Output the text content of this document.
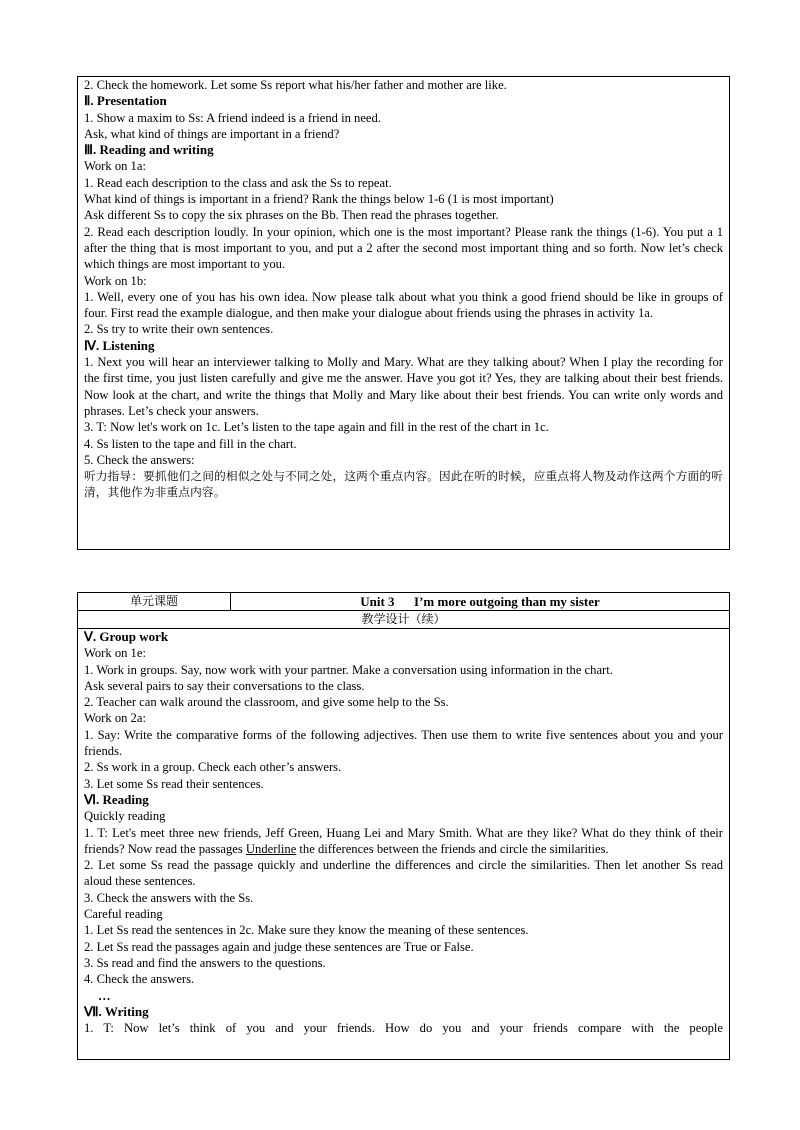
2. Check the homework. Let some Ss report what his/her father and mother are like.
Ⅱ. Presentation
1. Show a maxim to Ss: A friend indeed is a friend in need.
Ask, what kind of things are important in a friend?
Ⅲ. Reading and writing
Work on 1a:
1. Read each description to the class and ask the Ss to repeat.
What kind of things is important in a friend? Rank the things below 1-6 (1 is most important)
Ask different Ss to copy the six phrases on the Bb. Then read the phrases together.
2. Read each description loudly. In your opinion, which one is the most important? Please rank the things (1-6). You put a 1 after the thing that is most important to you, and put a 2 after the second most important thing and so forth. Now let’s check which things are most important to you.
Work on 1b:
1. Well, every one of you has his own idea. Now please talk about what you think a good friend should be like in groups of four. First read the example dialogue, and then make your dialogue about friends using the phrases in activity 1a.
2. Ss try to write their own sentences.
Ⅳ. Listening
1. Next you will hear an interviewer talking to Molly and Mary. What are they talking about? When I play the recording for the first time, you just listen carefully and give me the answer. Have you got it? Yes, they are talking about their best friends. Now look at the chart, and write the things that Molly and Mary like about their best friends. You can write only words and phrases. Let’s check your answers.
3. T: Now let's work on 1c. Let’s listen to the tape again and fill in the rest of the chart in 1c.
4. Ss listen to the tape and fill in the chart.
5. Check the answers:
听力指导：要抓他们之间的相似之处与不同之处，这两个重点内容。因此在听的时候，应重点将人物及动作这两个方面的听清，其他作为非重点内容。
单元课题	Unit 3      I’m more outgoing than my sister
教学设计（续）
Ⅴ. Group work
Work on 1e:
1. Work in groups. Say, now work with your partner. Make a conversation using information in the chart.
Ask several pairs to say their conversations to the class.
2. Teacher can walk around the classroom, and give some help to the Ss.
Work on 2a:
1. Say: Write the comparative forms of the following adjectives. Then use them to write five sentences about you and your friends.
2. Ss work in a group. Check each other’s answers.
3. Let some Ss read their sentences.
Ⅵ. Reading
Quickly reading
1. T: Let's meet three new friends, Jeff Green, Huang Lei and Mary Smith. What are they like? What do they think of their friends? Now read the passages Underline the differences between the friends and circle the similarities.
2. Let some Ss read the passage quickly and underline the differences and circle the similarities. Then let another Ss read aloud these sentences.
3. Check the answers with the Ss.
Careful reading
1. Let Ss read the sentences in 2c. Make sure they know the meaning of these sentences.
2. Let Ss read the passages again and judge these sentences are True or False.
3. Ss read and find the answers to the questions.
4. Check the answers.
…
Ⅶ. Writing
1. T: Now let’s think of you and your friends. How do you and your friends compare with the people
